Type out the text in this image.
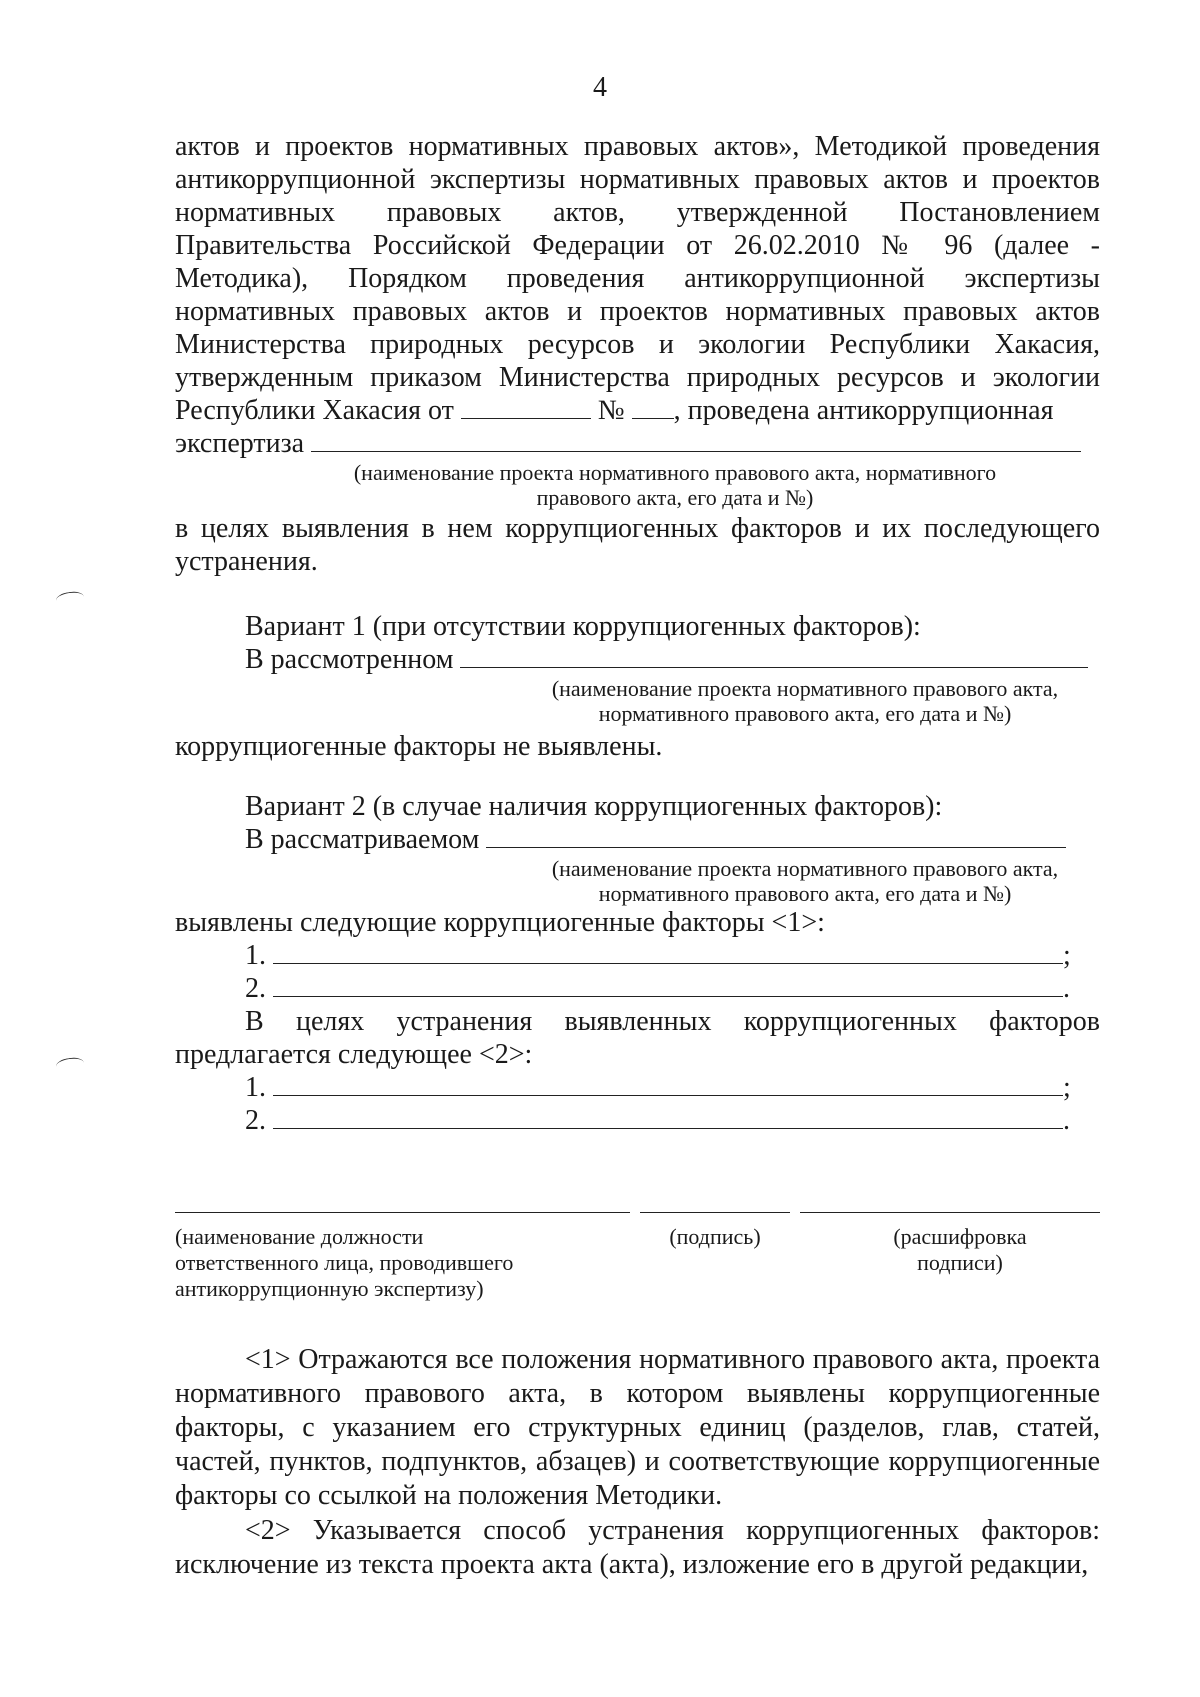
4
актов и проектов нормативных правовых актов», Методикой проведения
антикоррупционной экспертизы нормативных правовых актов и проектов
нормативных правовых актов, утвержденной Постановлением
Правительства Российской Федерации от 26.02.2010 № 96 (далее -
Методика), Порядком проведения антикоррупционной экспертизы
нормативных правовых актов и проектов нормативных правовых актов
Министерства природных ресурсов и экологии Республики Хакасия,
утвержденным приказом Министерства природных ресурсов и экологии
Республики Хакасия от	№ , проведена антикоррупционная
экспертиза
(наименование проекта нормативного правового акта, нормативного
правового акта, его дата и №)
в целях выявления в нем коррупциогенных факторов и их последующего
устранения.
Вариант 1 (при отсутствии коррупциогенных факторов):
В рассмотренном
(наименование проекта нормативного правового акта,
нормативного правового акта, его дата и №)
коррупциогенные факторы не выявлены.
Вариант 2 (в случае наличия коррупциогенных факторов):
В рассматриваемом
(наименование проекта нормативного правового акта,
нормативного правового акта, его дата и №)
выявлены следующие коррупциогенные факторы <1>:
1.	;
2.	.
В целях устранения выявленных коррупциогенных факторов
предлагается следующее <2>:
1.	;
2.	.
(наименование должности
ответственного лица, проводившего
антикоррупционную экспертизу)
(подпись)	(расшифровка
подписи)
<1> Отражаются все положения нормативного правового акта, проекта нормативного правового акта, в котором выявлены коррупциогенные факторы, с указанием его структурных единиц (разделов, глав, статей, частей, пунктов, подпунктов, абзацев) и соответствующие коррупциогенные факторы со ссылкой на положения Методики.
<2> Указывается способ устранения коррупциогенных факторов: исключение из текста проекта акта (акта), изложение его в другой редакции,
